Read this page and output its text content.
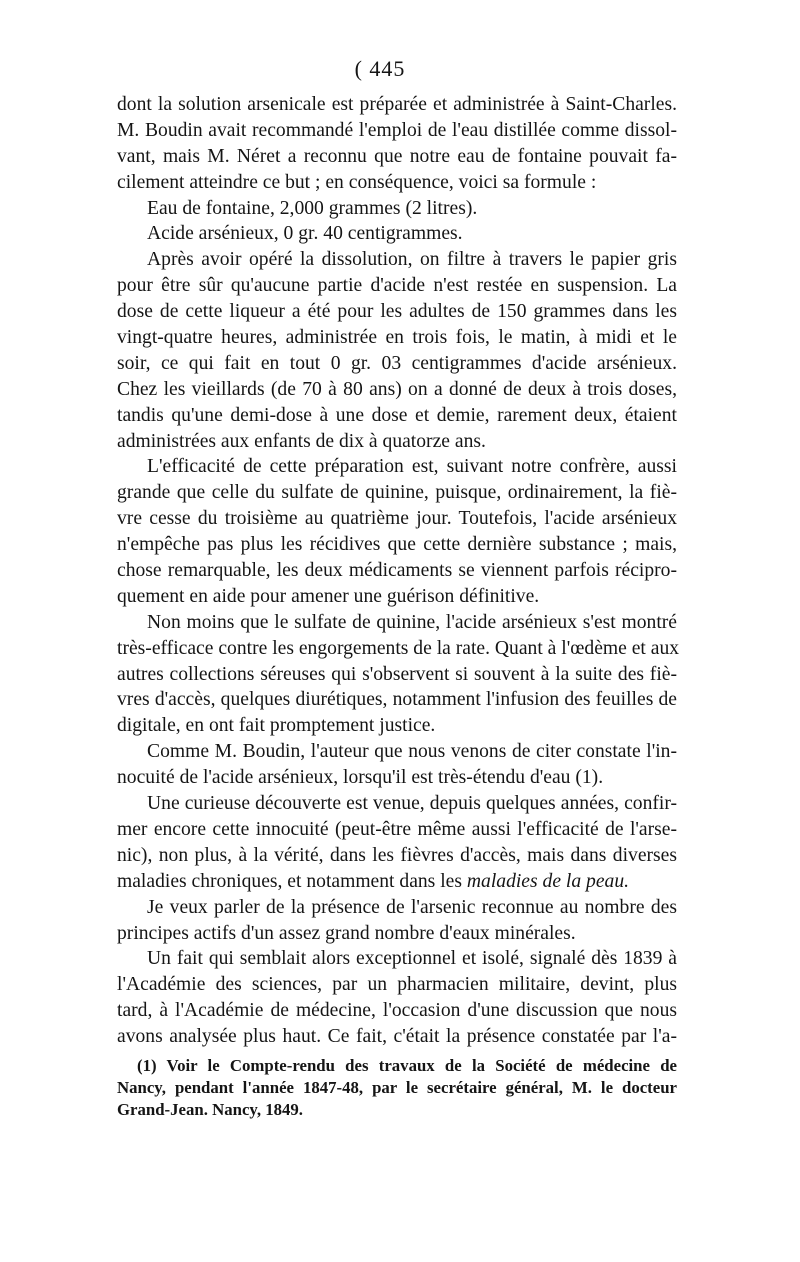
( 445
dont la solution arsenicale est préparée et administrée à Saint-Charles.
M. Boudin avait recommandé l'emploi de l'eau distillée comme dissol-
vant, mais M. Néret a reconnu que notre eau de fontaine pouvait fa-
cilement atteindre ce but ; en conséquence, voici sa formule :
Eau de fontaine, 2,000 grammes (2 litres).
Acide arsénieux, 0 gr. 40 centigrammes.
Après avoir opéré la dissolution, on filtre à travers le papier gris
pour être sûr qu'aucune partie d'acide n'est restée en suspension. La
dose de cette liqueur a été pour les adultes de 150 grammes dans les
vingt-quatre heures, administrée en trois fois, le matin, à midi et le
soir, ce qui fait en tout 0 gr. 03 centigrammes d'acide arsénieux.
Chez les vieillards (de 70 à 80 ans) on a donné de deux à trois doses,
tandis qu'une demi-dose à une dose et demie, rarement deux, étaient
administrées aux enfants de dix à quatorze ans.
L'efficacité de cette préparation est, suivant notre confrère, aussi
grande que celle du sulfate de quinine, puisque, ordinairement, la fiè-
vre cesse du troisième au quatrième jour. Toutefois, l'acide arsénieux
n'empêche pas plus les récidives que cette dernière substance ; mais,
chose remarquable, les deux médicaments se viennent parfois récipro-
quement en aide pour amener une guérison définitive.
Non moins que le sulfate de quinine, l'acide arsénieux s'est montré
très-efficace contre les engorgements de la rate. Quant à l'œdème et aux
autres collections séreuses qui s'observent si souvent à la suite des fiè-
vres d'accès, quelques diurétiques, notamment l'infusion des feuilles de
digitale, en ont fait promptement justice.
Comme M. Boudin, l'auteur que nous venons de citer constate l'in-
nocuité de l'acide arsénieux, lorsqu'il est très-étendu d'eau (1).
Une curieuse découverte est venue, depuis quelques années, confir-
mer encore cette innocuité (peut-être même aussi l'efficacité de l'arse-
nic), non plus, à la vérité, dans les fièvres d'accès, mais dans diverses
maladies chroniques, et notamment dans les maladies de la peau.
Je veux parler de la présence de l'arsenic reconnue au nombre des
principes actifs d'un assez grand nombre d'eaux minérales.
Un fait qui semblait alors exceptionnel et isolé, signalé dès 1839 à
l'Académie des sciences, par un pharmacien militaire, devint, plus
tard, à l'Académie de médecine, l'occasion d'une discussion que nous
avons analysée plus haut. Ce fait, c'était la présence constatée par l'a-
(1) Voir le Compte-rendu des travaux de la Société de médecine de
Nancy, pendant l'année 1847-48, par le secrétaire général, M. le docteur
Grand-Jean. Nancy, 1849.
